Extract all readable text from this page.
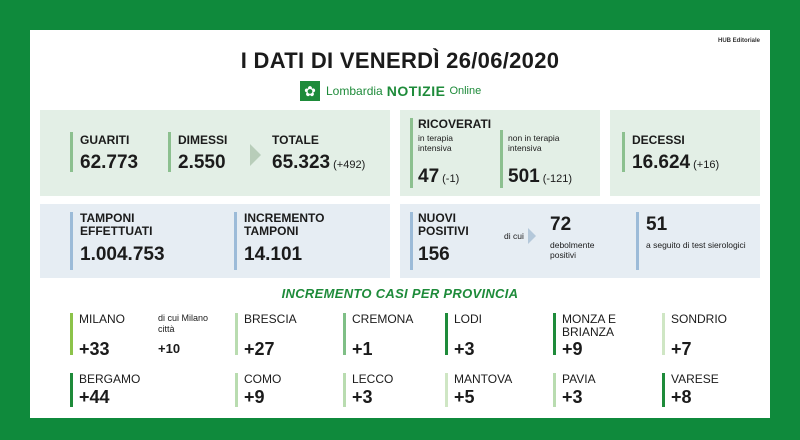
HUB Editoriale
I DATI DI VENERDÌ 26/06/2020
✿ Lombardia NOTIZIE Online
GUARITI
62.773
DIMESSI
2.550
TOTALE
65.323 (+492)
RICOVERATI
in terapia intensiva
47 (-1)
non in terapia intensiva
501 (-121)
DECESSI
16.624 (+16)
TAMPONI EFFETTUATI
1.004.753
INCREMENTO TAMPONI
14.101
NUOVI POSITIVI
156
di cui
72
debolmente positivi
51
a seguito di test sierologici
INCREMENTO CASI PER PROVINCIA
MILANO
+33
di cui Milano città
+10
BRESCIA
+27
CREMONA
+1
LODI
+3
MONZA E BRIANZA
+9
SONDRIO
+7
BERGAMO
+44
COMO
+9
LECCO
+3
MANTOVA
+5
PAVIA
+3
VARESE
+8
